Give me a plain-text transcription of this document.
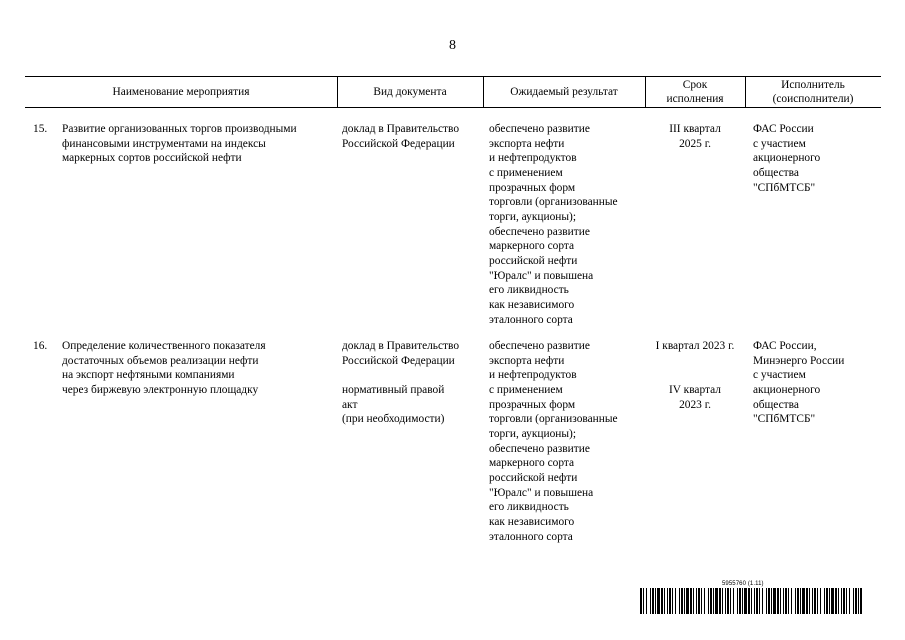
8
Наименование мероприятия	Вид документа	Ожидаемый результат
Срок
исполнения
Исполнитель
(соисполнители)
15. Развитие организованных торгов производными
финансовыми инструментами на индексы
маркерных сортов российской нефти
доклад в Правительство
Российской Федерации
обеспечено развитие
экспорта нефти
и нефтепродуктов
с применением
прозрачных форм
торговли (организованные
торги, аукционы);
обеспечено развитие
маркерного сорта
российской нефти
"Юралс" и повышена
его ликвидность
как независимого
эталонного сорта
III квартал
2025 г.
ФАС России
с участием
акционерного
общества
"СПбМТСБ"
16. Определение количественного показателя
достаточных объемов реализации нефти
на экспорт нефтяными компаниями
через биржевую электронную площадку
доклад в Правительство
Российской Федерации
нормативный правой
акт
(при необходимости)
обеспечено развитие
экспорта нефти
и нефтепродуктов
с применением
прозрачных форм
торговли (организованные
торги, аукционы);
обеспечено развитие
маркерного сорта
российской нефти
"Юралс" и повышена
его ликвидность
как независимого
эталонного сорта
I квартал 2023 г.
IV квартал
2023 г.
ФАС России,
Минэнерго России
с участием
акционерного
общества
"СПбМТСБ"
5955760 (1.11)
